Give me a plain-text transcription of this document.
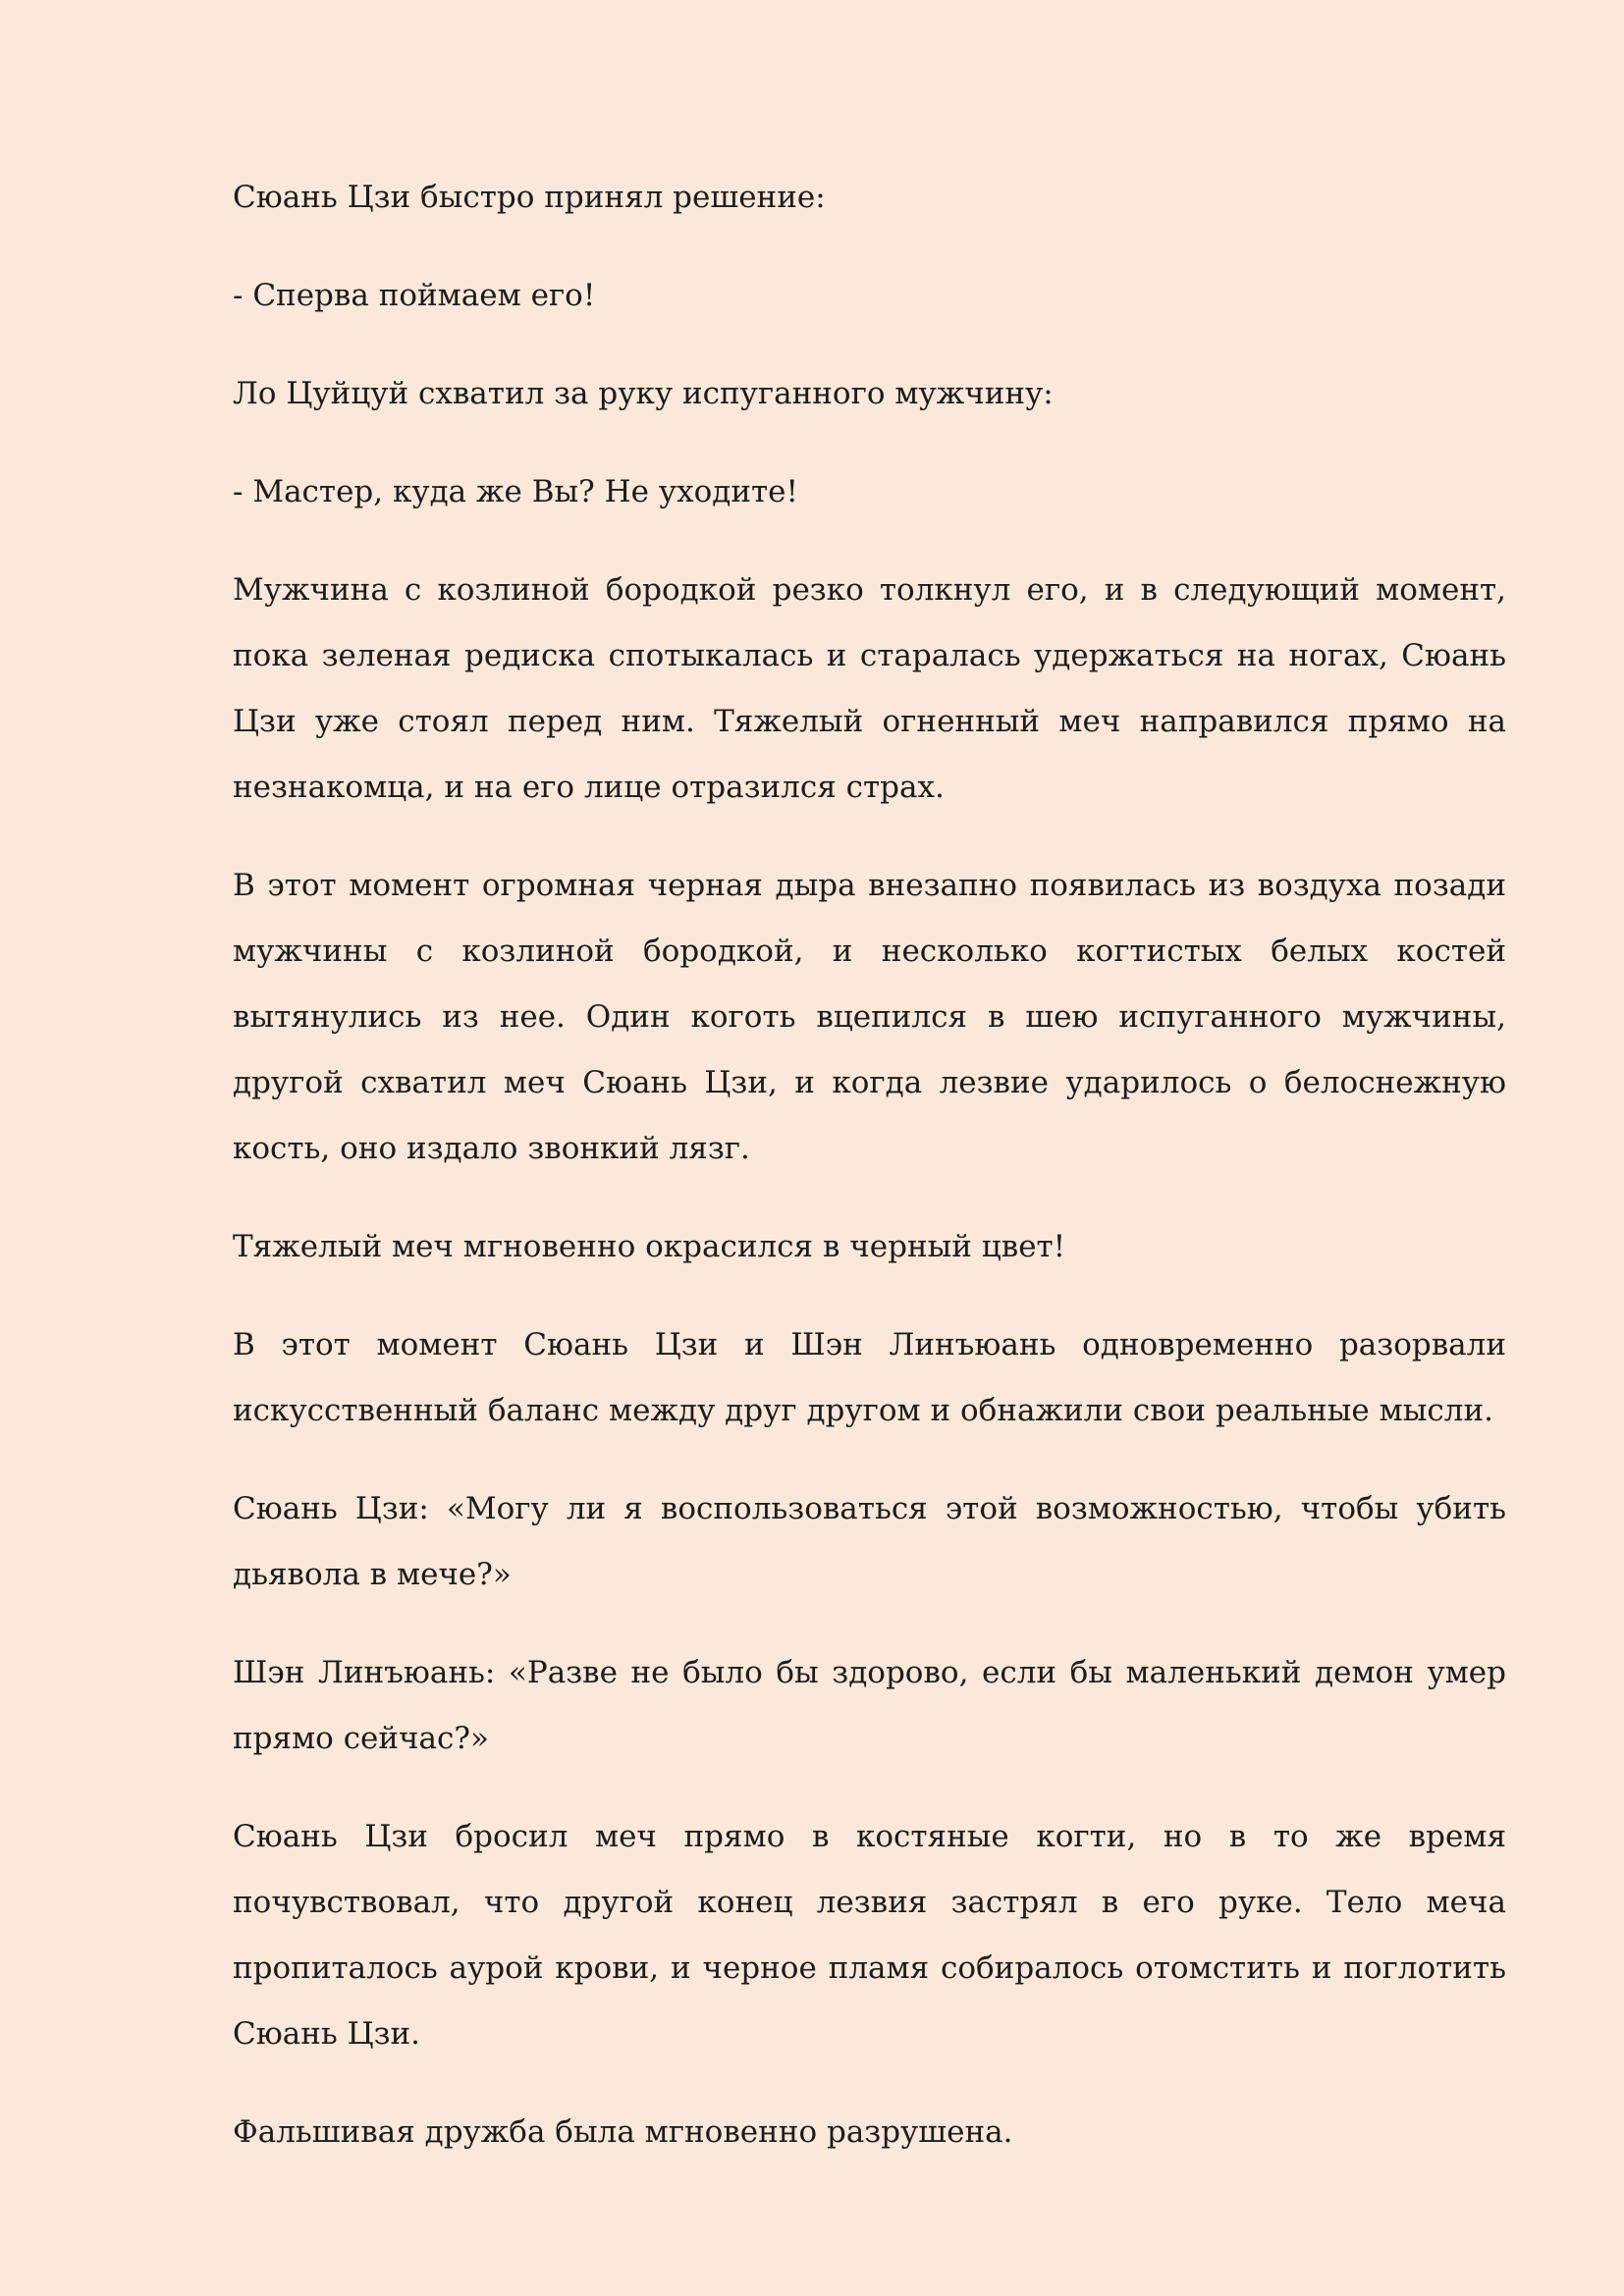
Сюань Цзи быстро принял решение:

- Сперва поймаем его!

Ло Цуйцуй схватил за руку испуганного мужчину:

- Мастер, куда же Вы? Не уходите!

Мужчина с козлиной бородкой резко толкнул его, и в следующий момент, пока зеленая редиска спотыкалась и старалась удержаться на ногах, Сюань Цзи уже стоял перед ним. Тяжелый огненный меч направился прямо на незнакомца, и на его лице отразился страх.

В этот момент огромная черная дыра внезапно появилась из воздуха позади мужчины с козлиной бородкой, и несколько когтистых белых костей вытянулись из нее. Один коготь вцепился в шею испуганного мужчины, другой схватил меч Сюань Цзи, и когда лезвие ударилось о белоснежную кость, оно издало звонкий лязг.

Тяжелый меч мгновенно окрасился в черный цвет!

В этот момент Сюань Цзи и Шэн Линъюань одновременно разорвали искусственный баланс между друг другом и обнажили свои реальные мысли.

Сюань Цзи: «Могу ли я воспользоваться этой возможностью, чтобы убить дьявола в мече?»

Шэн Линъюань: «Разве не было бы здорово, если бы маленький демон умер прямо сейчас?»

Сюань Цзи бросил меч прямо в костяные когти, но в то же время почувствовал, что другой конец лезвия застрял в его руке. Тело меча пропиталось аурой крови, и черное пламя собиралось отомстить и поглотить Сюань Цзи.

Фальшивая дружба была мгновенно разрушена.
